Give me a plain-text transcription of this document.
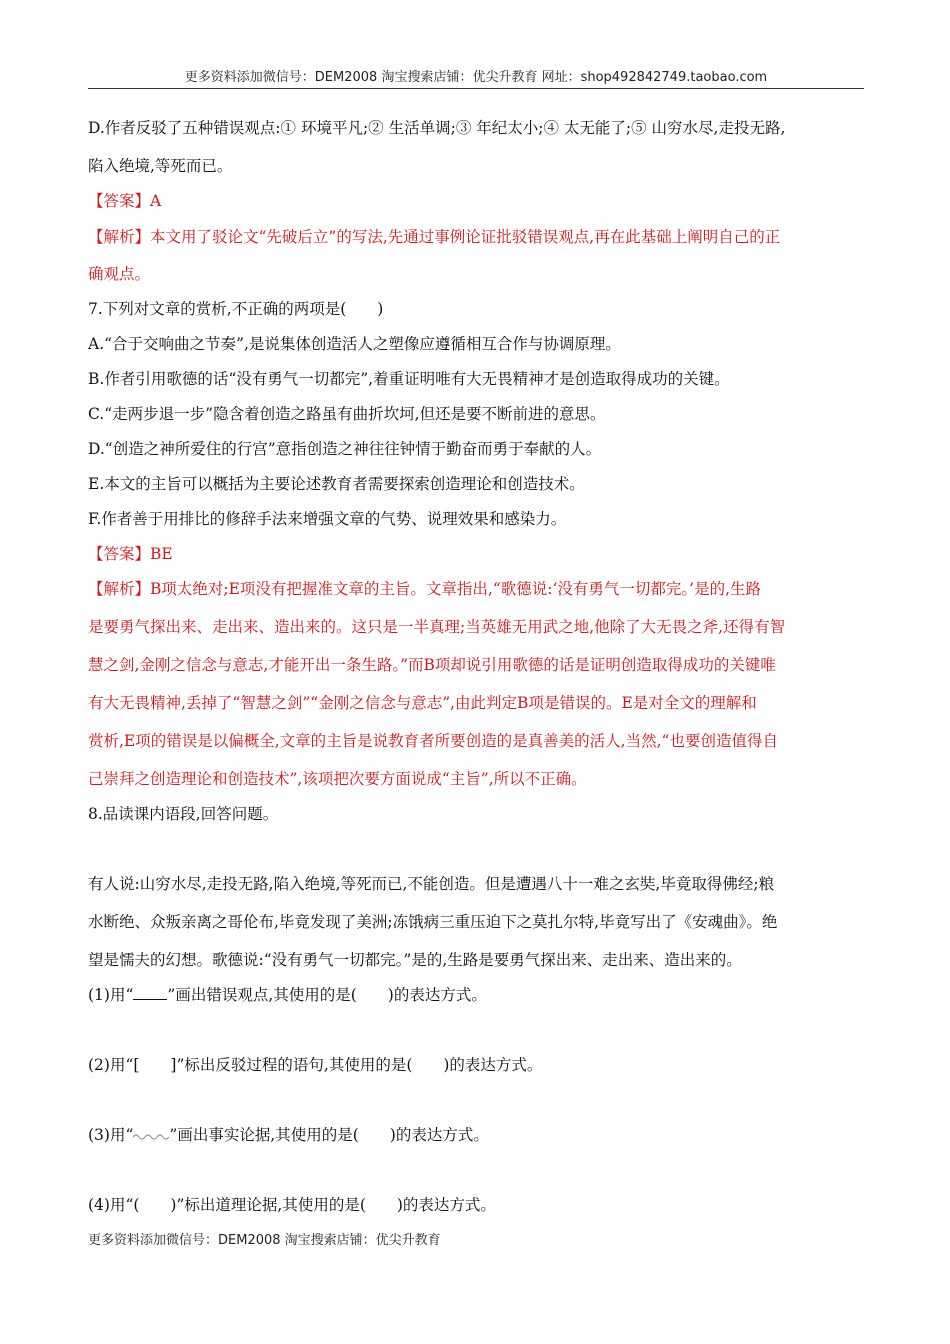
更多资料添加微信号：DEM2008 淘宝搜索店铺：优尖升教育 网址：shop492842749.taobao.com
D.作者反驳了五种错误观点:① 环境平凡;② 生活单调;③ 年纪太小;④ 太无能了;⑤ 山穷水尽,走投无路,
陷入绝境,等死而已。
【答案】A
【解析】本文用了驳论文“先破后立”的写法,先通过事例论证批驳错误观点,再在此基础上阐明自己的正
确观点。
7.下列对文章的赏析,不正确的两项是(　　)
A.“合于交响曲之节奏”,是说集体创造活人之塑像应遵循相互合作与协调原理。
B.作者引用歌德的话“没有勇气一切都完”,着重证明唯有大无畏精神才是创造取得成功的关键。
C.“走两步退一步”隐含着创造之路虽有曲折坎坷,但还是要不断前进的意思。
D.“创造之神所爱住的行宫”意指创造之神往往钟情于勤奋而勇于奉献的人。
E.本文的主旨可以概括为主要论述教育者需要探索创造理论和创造技术。
F.作者善于用排比的修辞手法来增强文章的气势、说理效果和感染力。
【答案】BE
【解析】B项太绝对;E项没有把握准文章的主旨。文章指出,“歌德说:‘没有勇气一切都完。’是的,生路
是要勇气探出来、走出来、造出来的。这只是一半真理;当英雄无用武之地,他除了大无畏之斧,还得有智
慧之剑,金刚之信念与意志,才能开出一条生路。”而B项却说引用歌德的话是证明创造取得成功的关键唯
有大无畏精神,丢掉了“智慧之剑”“金刚之信念与意志”,由此判定B项是错误的。E是对全文的理解和
赏析,E项的错误是以偏概全,文章的主旨是说教育者所要创造的是真善美的活人,当然,“也要创造值得自
己崇拜之创造理论和创造技术”,该项把次要方面说成“主旨”,所以不正确。
8.品读课内语段,回答问题。
有人说:山穷水尽,走投无路,陷入绝境,等死而已,不能创造。但是遭遇八十一难之玄奘,毕竟取得佛经;粮
水断绝、众叛亲离之哥伦布,毕竟发现了美洲;冻饿病三重压迫下之莫扎尔特,毕竟写出了《安魂曲》。绝
望是懦夫的幻想。歌德说:“没有勇气一切都完。”是的,生路是要勇气探出来、走出来、造出来的。
(1)用“ ”画出错误观点,其使用的是(　　)的表达方式。
(2)用“[　　]”标出反驳过程的语句,其使用的是(　　)的表达方式。
(3)用“ ”画出事实论据,其使用的是(　　)的表达方式。
(4)用“(　　)”标出道理论据,其使用的是(　　)的表达方式。
更多资料添加微信号：DEM2008 淘宝搜索店铺：优尖升教育
